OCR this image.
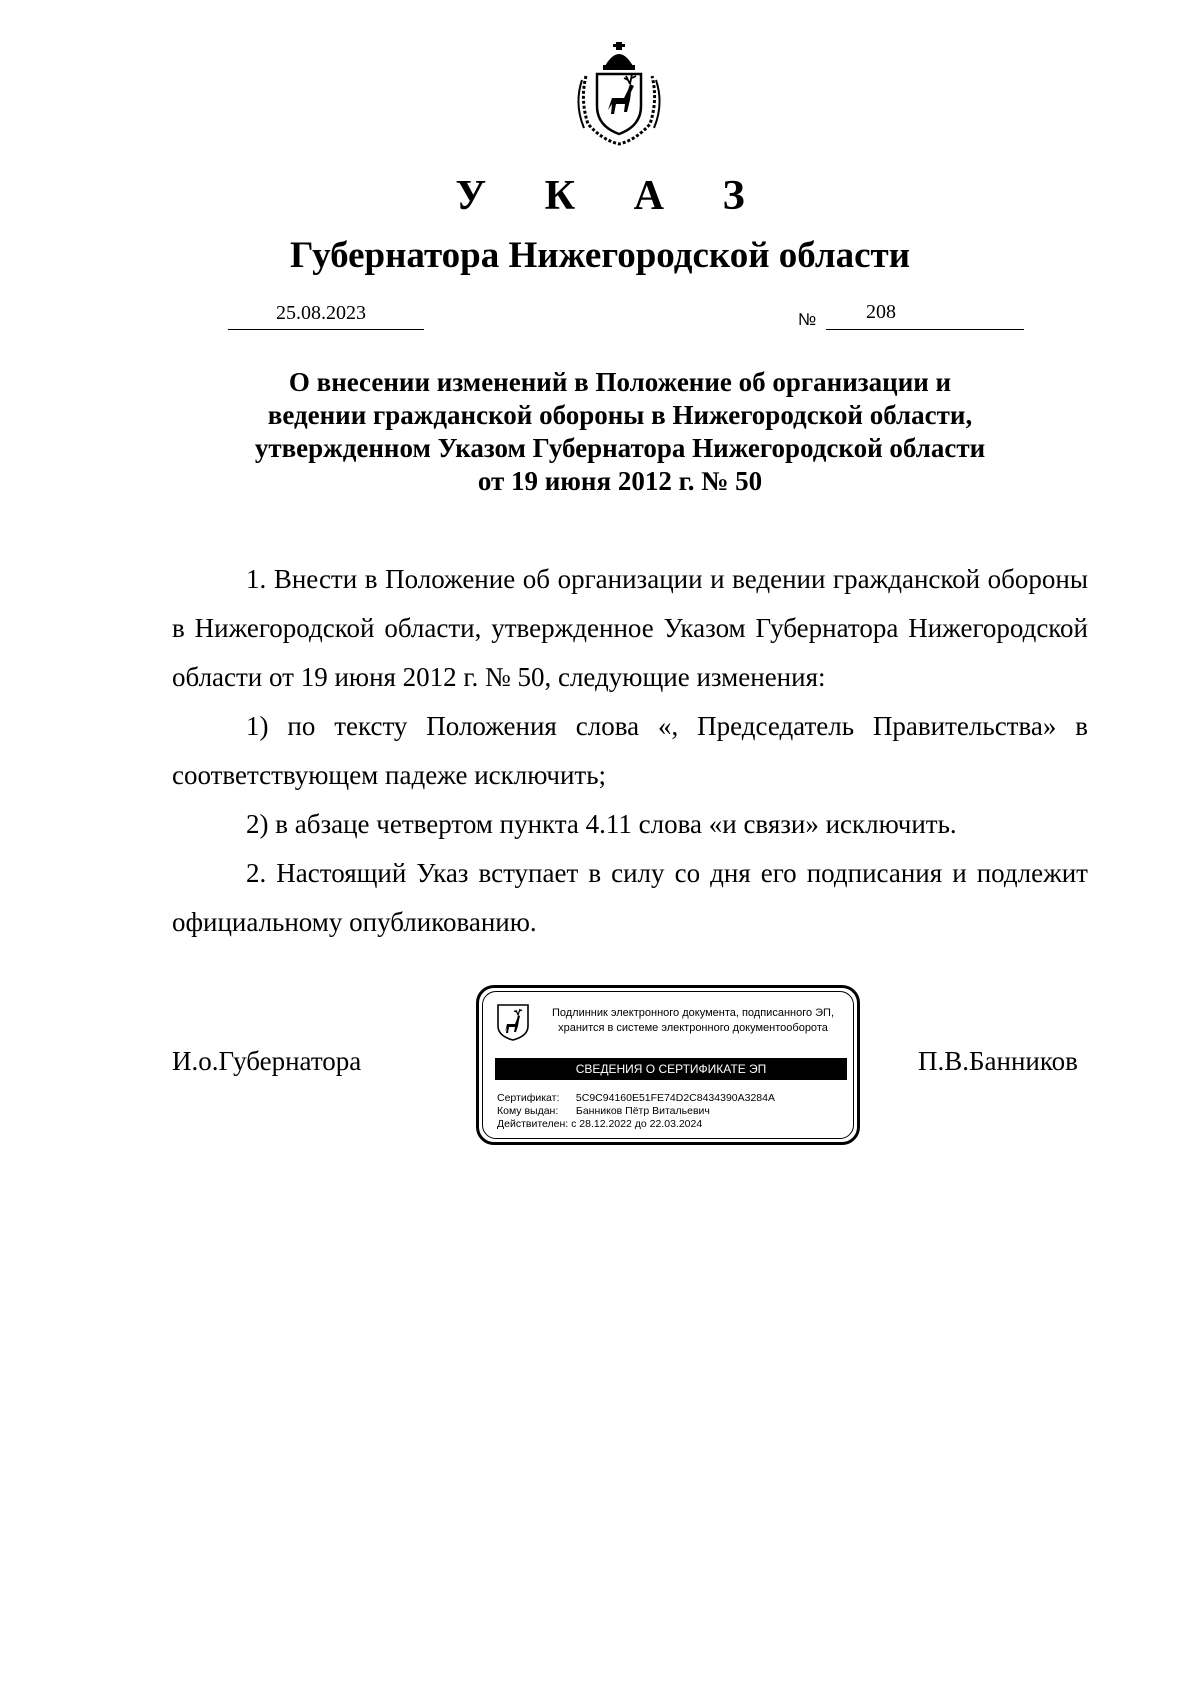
У К А З
Губернатора Нижегородской области
25.08.2023	№ 208
О внесении изменений в Положение об организации и
ведении гражданской обороны в Нижегородской области,
утвержденном Указом Губернатора Нижегородской области
от 19 июня 2012 г. № 50

1. Внести в Положение об организации и ведении гражданской обороны в Нижегородской области, утвержденное Указом Губернатора Нижегородской области от 19 июня 2012 г. № 50, следующие изменения:

1) по тексту Положения слова «, Председатель Правительства» в соответствующем падеже исключить;

2) в абзаце четвертом пункта 4.11 слова «и связи» исключить.

2. Настоящий Указ вступает в силу со дня его подписания и подлежит официальному опубликованию.

И.о.Губернатора
Подлинник электронного документа, подписанного ЭП,
хранится в системе электронного документооборота
СВЕДЕНИЯ О СЕРТИФИКАТЕ ЭП
Сертификат: 5C9C94160E51FE74D2C8434390A3284A
Кому выдан: Банников Пётр Витальевич
Действителен: с 28.12.2022 до 22.03.2024
П.В.Банников
